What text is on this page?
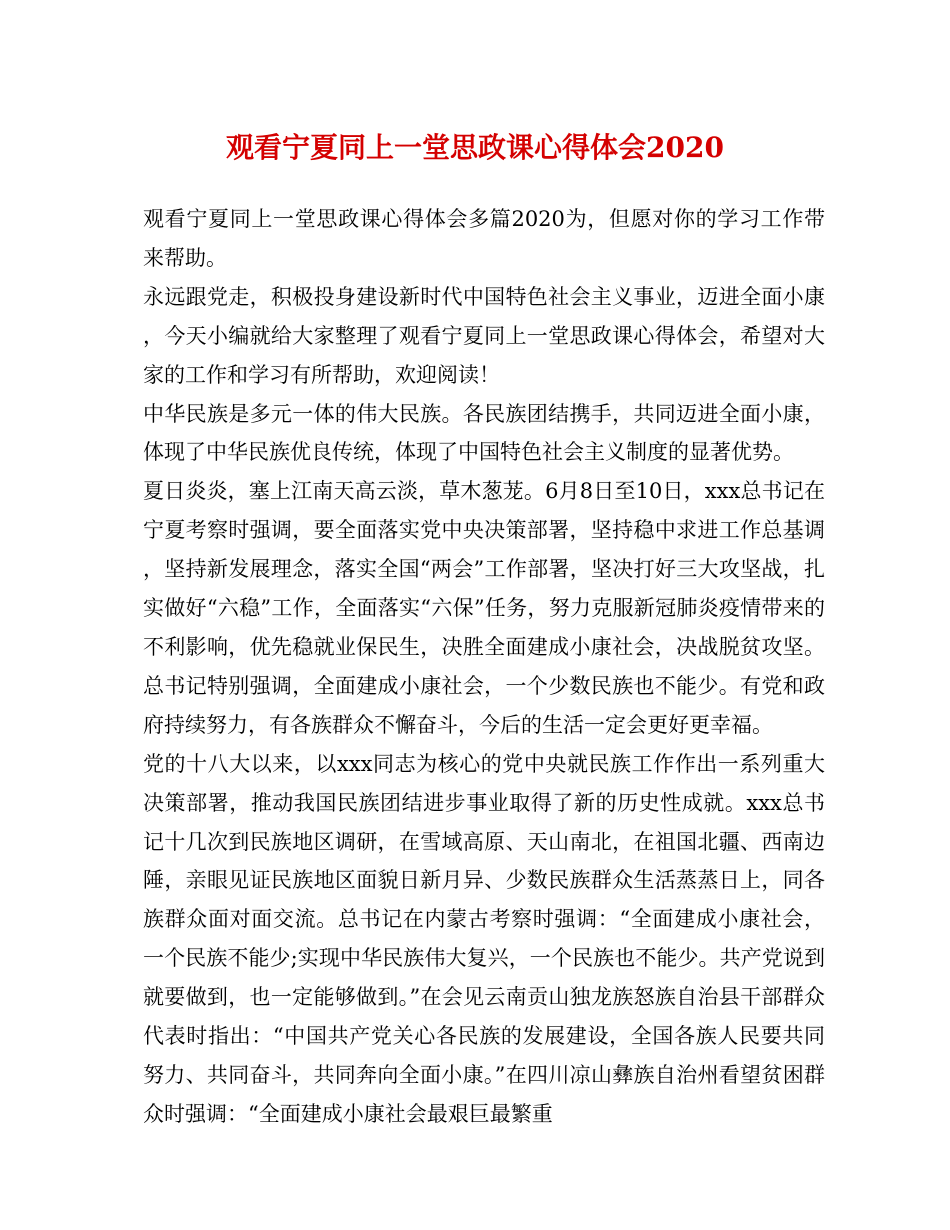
观看宁夏同上一堂思政课心得体会2020

观看宁夏同上一堂思政课心得体会多篇2020为，但愿对你的学习工作带来帮助。

永远跟党走，积极投身建设新时代中国特色社会主义事业，迈进全面小康，今天小编就给大家整理了观看宁夏同上一堂思政课心得体会，希望对大家的工作和学习有所帮助，欢迎阅读！

中华民族是多元一体的伟大民族。各民族团结携手，共同迈进全面小康，体现了中华民族优良传统，体现了中国特色社会主义制度的显著优势。

夏日炎炎，塞上江南天高云淡，草木葱茏。6月8日至10日，xxx总书记在宁夏考察时强调，要全面落实党中央决策部署，坚持稳中求进工作总基调，坚持新发展理念，落实全国“两会”工作部署，坚决打好三大攻坚战，扎实做好“六稳”工作，全面落实“六保”任务，努力克服新冠肺炎疫情带来的不利影响，优先稳就业保民生，决胜全面建成小康社会，决战脱贫攻坚。总书记特别强调，全面建成小康社会，一个少数民族也不能少。有党和政府持续努力，有各族群众不懈奋斗，今后的生活一定会更好更幸福。

党的十八大以来，以xxx同志为核心的党中央就民族工作作出一系列重大决策部署，推动我国民族团结进步事业取得了新的历史性成就。xxx总书记十几次到民族地区调研，在雪域高原、天山南北，在祖国北疆、西南边陲，亲眼见证民族地区面貌日新月异、少数民族群众生活蒸蒸日上，同各族群众面对面交流。总书记在内蒙古考察时强调：“全面建成小康社会，一个民族不能少;实现中华民族伟大复兴，一个民族也不能少。共产党说到就要做到，也一定能够做到。”在会见云南贡山独龙族怒族自治县干部群众代表时指出：“中国共产党关心各民族的发展建设，全国各族人民要共同努力、共同奋斗，共同奔向全面小康。”在四川凉山彝族自治州看望贫困群众时强调：“全面建成小康社会最艰巨最繁重
